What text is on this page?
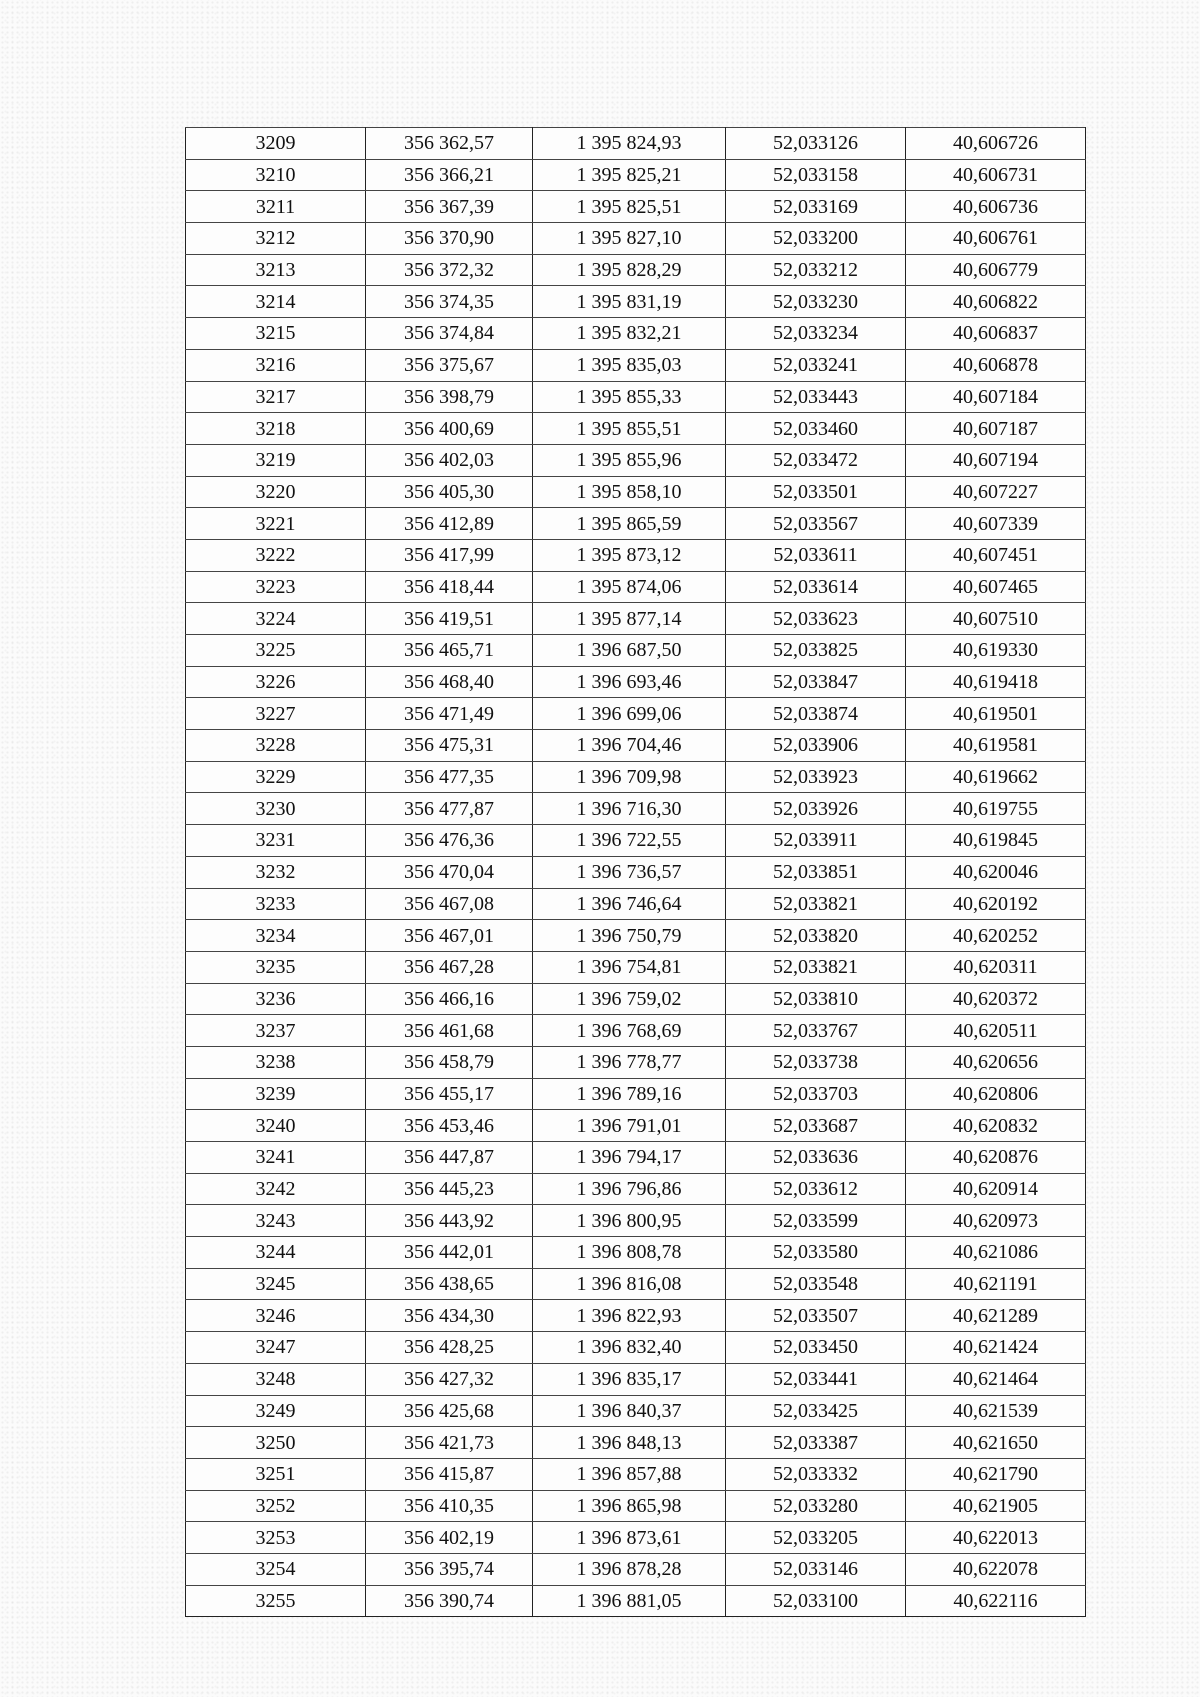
3209	356 362,57	1 395 824,93	52,033126	40,606726
3210	356 366,21	1 395 825,21	52,033158	40,606731
3211	356 367,39	1 395 825,51	52,033169	40,606736
3212	356 370,90	1 395 827,10	52,033200	40,606761
3213	356 372,32	1 395 828,29	52,033212	40,606779
3214	356 374,35	1 395 831,19	52,033230	40,606822
3215	356 374,84	1 395 832,21	52,033234	40,606837
3216	356 375,67	1 395 835,03	52,033241	40,606878
3217	356 398,79	1 395 855,33	52,033443	40,607184
3218	356 400,69	1 395 855,51	52,033460	40,607187
3219	356 402,03	1 395 855,96	52,033472	40,607194
3220	356 405,30	1 395 858,10	52,033501	40,607227
3221	356 412,89	1 395 865,59	52,033567	40,607339
3222	356 417,99	1 395 873,12	52,033611	40,607451
3223	356 418,44	1 395 874,06	52,033614	40,607465
3224	356 419,51	1 395 877,14	52,033623	40,607510
3225	356 465,71	1 396 687,50	52,033825	40,619330
3226	356 468,40	1 396 693,46	52,033847	40,619418
3227	356 471,49	1 396 699,06	52,033874	40,619501
3228	356 475,31	1 396 704,46	52,033906	40,619581
3229	356 477,35	1 396 709,98	52,033923	40,619662
3230	356 477,87	1 396 716,30	52,033926	40,619755
3231	356 476,36	1 396 722,55	52,033911	40,619845
3232	356 470,04	1 396 736,57	52,033851	40,620046
3233	356 467,08	1 396 746,64	52,033821	40,620192
3234	356 467,01	1 396 750,79	52,033820	40,620252
3235	356 467,28	1 396 754,81	52,033821	40,620311
3236	356 466,16	1 396 759,02	52,033810	40,620372
3237	356 461,68	1 396 768,69	52,033767	40,620511
3238	356 458,79	1 396 778,77	52,033738	40,620656
3239	356 455,17	1 396 789,16	52,033703	40,620806
3240	356 453,46	1 396 791,01	52,033687	40,620832
3241	356 447,87	1 396 794,17	52,033636	40,620876
3242	356 445,23	1 396 796,86	52,033612	40,620914
3243	356 443,92	1 396 800,95	52,033599	40,620973
3244	356 442,01	1 396 808,78	52,033580	40,621086
3245	356 438,65	1 396 816,08	52,033548	40,621191
3246	356 434,30	1 396 822,93	52,033507	40,621289
3247	356 428,25	1 396 832,40	52,033450	40,621424
3248	356 427,32	1 396 835,17	52,033441	40,621464
3249	356 425,68	1 396 840,37	52,033425	40,621539
3250	356 421,73	1 396 848,13	52,033387	40,621650
3251	356 415,87	1 396 857,88	52,033332	40,621790
3252	356 410,35	1 396 865,98	52,033280	40,621905
3253	356 402,19	1 396 873,61	52,033205	40,622013
3254	356 395,74	1 396 878,28	52,033146	40,622078
3255	356 390,74	1 396 881,05	52,033100	40,622116
